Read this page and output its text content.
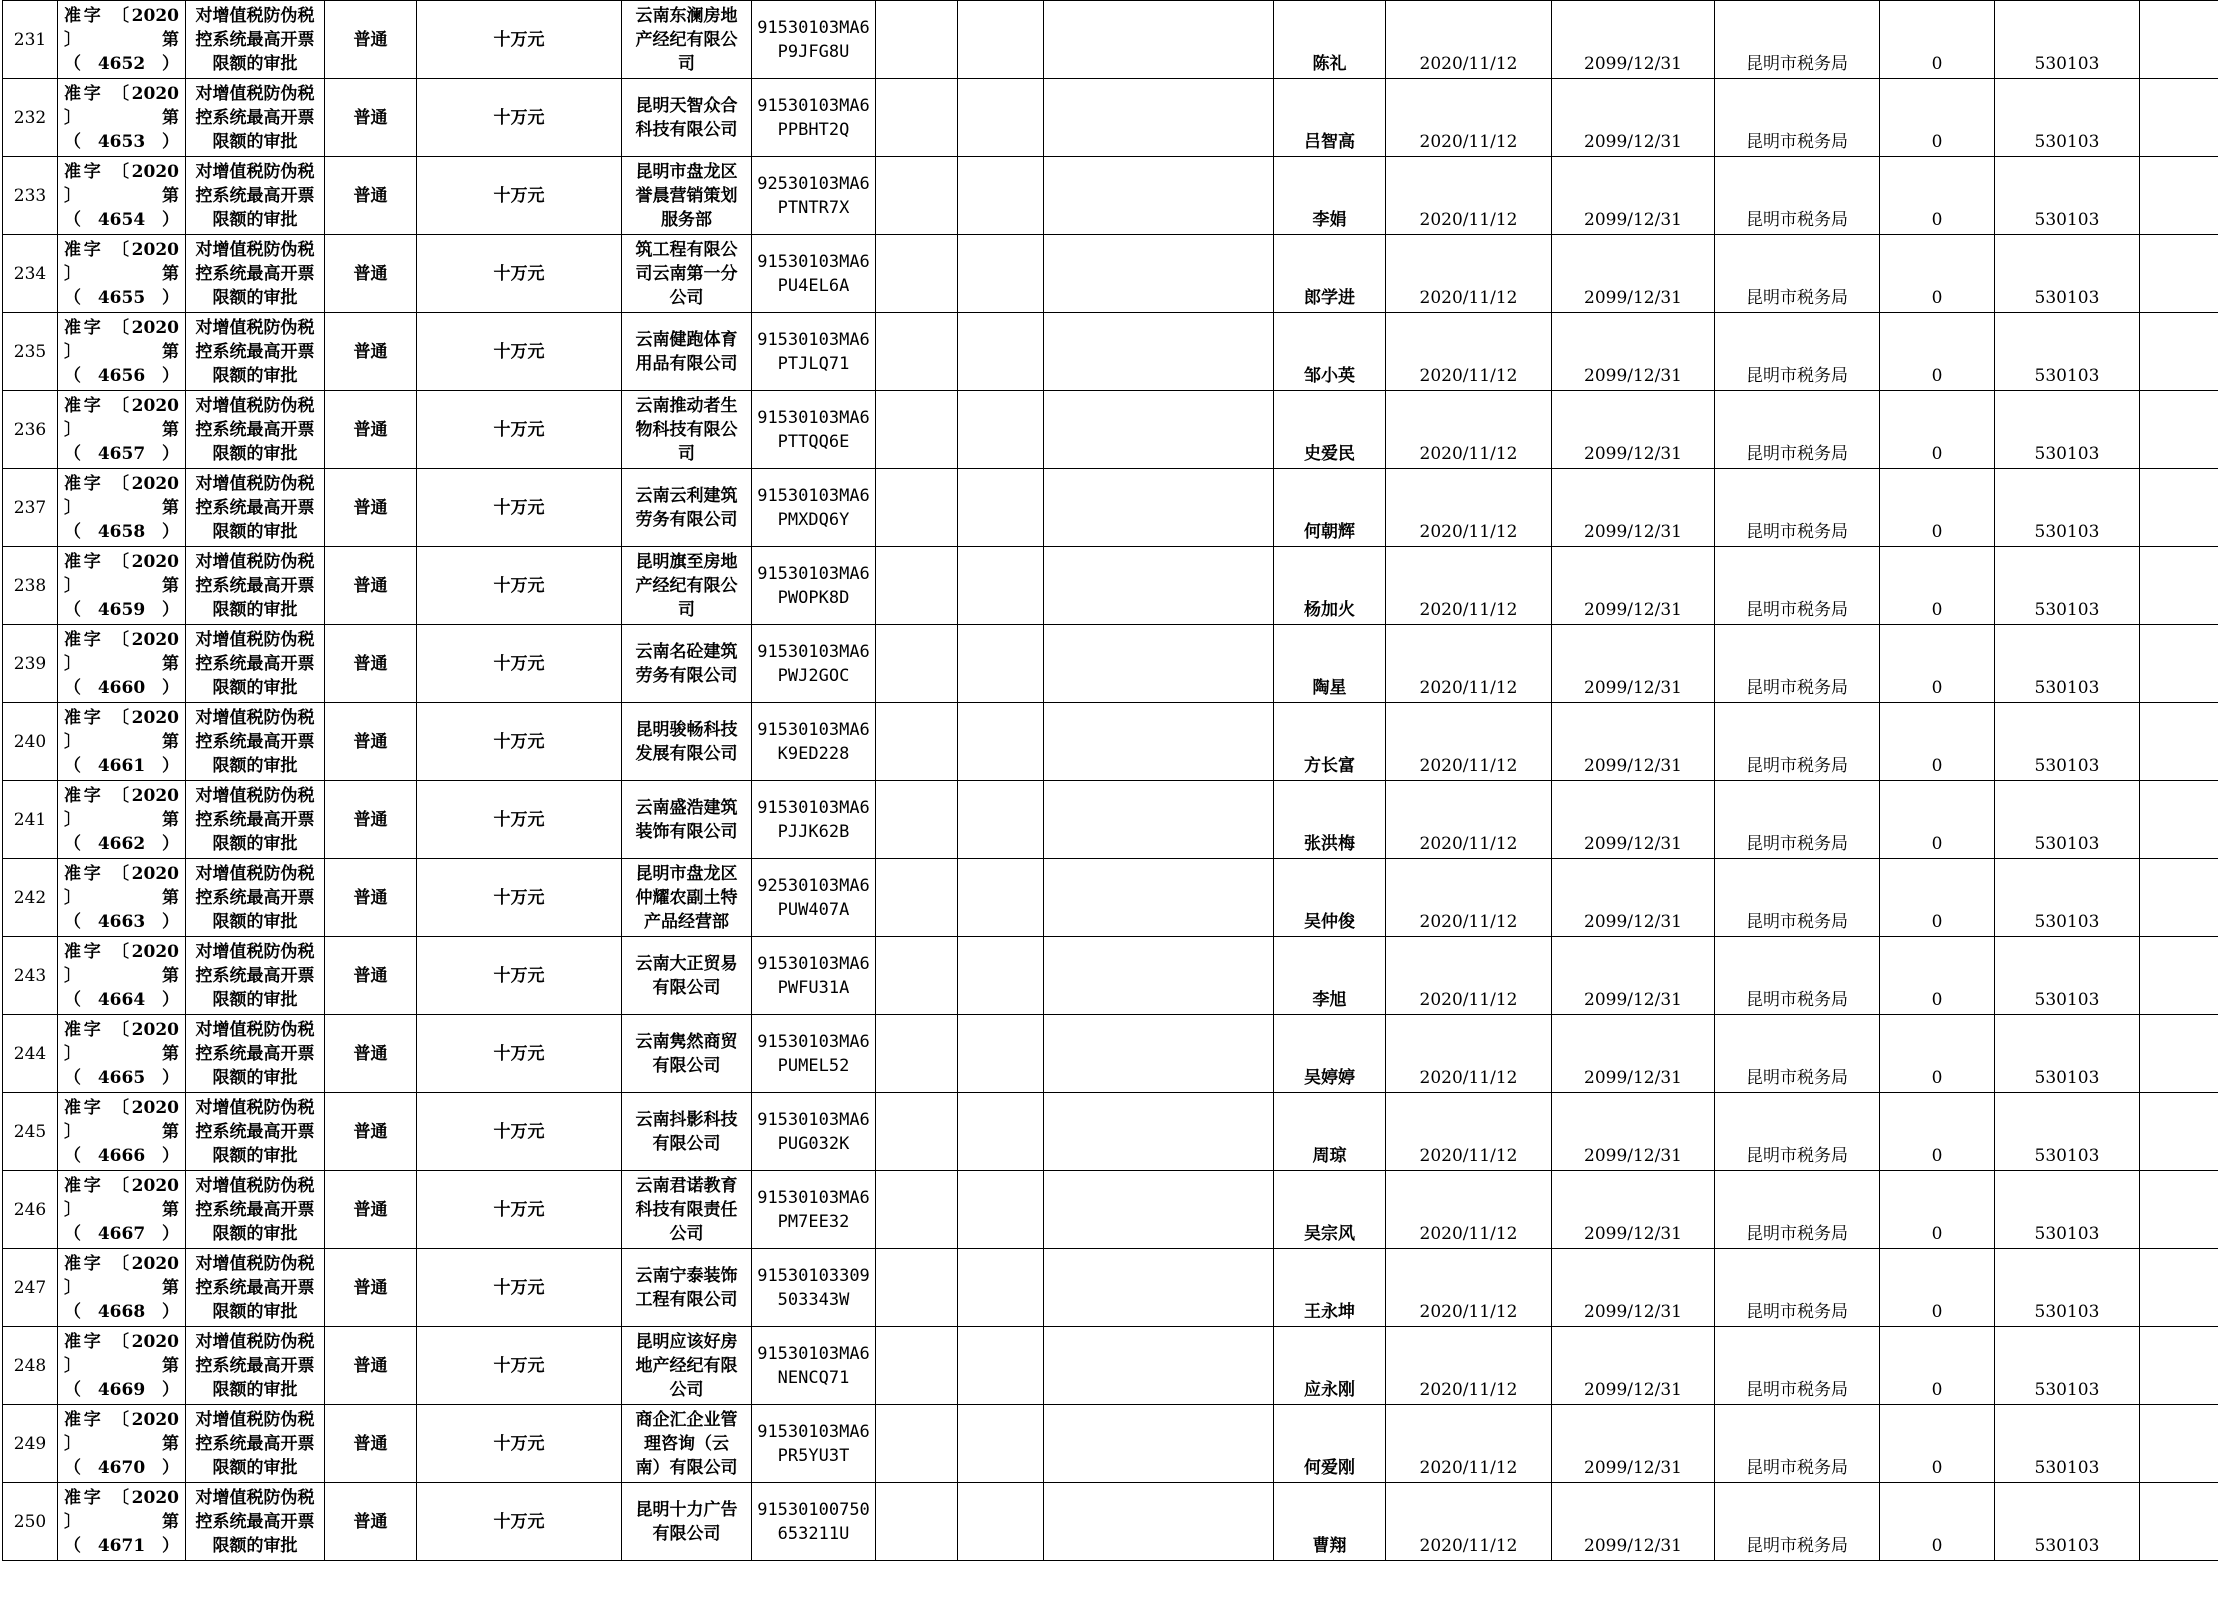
231	准字 〔2020
〕 第
（4652）	对增值税防伪税控系统最高开票限额的审批	普通	十万元	云南东澜房地
产经纪有限公
司	91530103MA6
P9JFG8U				陈礼	2020/11/12	2099/12/31	昆明市税务局	0	530103		
232	准字 〔2020
〕 第
（4653）	对增值税防伪税控系统最高开票限额的审批	普通	十万元	昆明天智众合
科技有限公司	91530103MA6
PPBHT2Q				吕智高	2020/11/12	2099/12/31	昆明市税务局	0	530103		
233	准字 〔2020
〕 第
（4654）	对增值税防伪税控系统最高开票限额的审批	普通	十万元	昆明市盘龙区
誉晨营销策划
服务部	92530103MA6
PTNTR7X				李娟	2020/11/12	2099/12/31	昆明市税务局	0	530103		
234	准字 〔2020
〕 第
（4655）	对增值税防伪税控系统最高开票限额的审批	普通	十万元	筑工程有限公
司云南第一分
公司	91530103MA6
PU4EL6A				郎学进	2020/11/12	2099/12/31	昆明市税务局	0	530103		
235	准字 〔2020
〕 第
（4656）	对增值税防伪税控系统最高开票限额的审批	普通	十万元	云南健跑体育
用品有限公司	91530103MA6
PTJLQ71				邹小英	2020/11/12	2099/12/31	昆明市税务局	0	530103		
236	准字 〔2020
〕 第
（4657）	对增值税防伪税控系统最高开票限额的审批	普通	十万元	云南推动者生
物科技有限公
司	91530103MA6
PTTQQ6E				史爱民	2020/11/12	2099/12/31	昆明市税务局	0	530103		
237	准字 〔2020
〕 第
（4658）	对增值税防伪税控系统最高开票限额的审批	普通	十万元	云南云利建筑
劳务有限公司	91530103MA6
PMXDQ6Y				何朝辉	2020/11/12	2099/12/31	昆明市税务局	0	530103		
238	准字 〔2020
〕 第
（4659）	对增值税防伪税控系统最高开票限额的审批	普通	十万元	昆明旗至房地
产经纪有限公
司	91530103MA6
PWOPK8D				杨加火	2020/11/12	2099/12/31	昆明市税务局	0	530103		
239	准字 〔2020
〕 第
（4660）	对增值税防伪税控系统最高开票限额的审批	普通	十万元	云南名砼建筑
劳务有限公司	91530103MA6
PWJ2GOC				陶星	2020/11/12	2099/12/31	昆明市税务局	0	530103		
240	准字 〔2020
〕 第
（4661）	对增值税防伪税控系统最高开票限额的审批	普通	十万元	昆明骏畅科技
发展有限公司	91530103MA6
K9ED228				方长富	2020/11/12	2099/12/31	昆明市税务局	0	530103		
241	准字 〔2020
〕 第
（4662）	对增值税防伪税控系统最高开票限额的审批	普通	十万元	云南盛浩建筑
装饰有限公司	91530103MA6
PJJK62B				张洪梅	2020/11/12	2099/12/31	昆明市税务局	0	530103		
242	准字 〔2020
〕 第
（4663）	对增值税防伪税控系统最高开票限额的审批	普通	十万元	昆明市盘龙区
仲耀农副土特
产品经营部	92530103MA6
PUW407A				吴仲俊	2020/11/12	2099/12/31	昆明市税务局	0	530103		
243	准字 〔2020
〕 第
（4664）	对增值税防伪税控系统最高开票限额的审批	普通	十万元	云南大正贸易
有限公司	91530103MA6
PWFU31A				李旭	2020/11/12	2099/12/31	昆明市税务局	0	530103		
244	准字 〔2020
〕 第
（4665）	对增值税防伪税控系统最高开票限额的审批	普通	十万元	云南隽然商贸
有限公司	91530103MA6
PUMEL52				吴婷婷	2020/11/12	2099/12/31	昆明市税务局	0	530103		
245	准字 〔2020
〕 第
（4666）	对增值税防伪税控系统最高开票限额的审批	普通	十万元	云南抖影科技
有限公司	91530103MA6
PUG032K				周琼	2020/11/12	2099/12/31	昆明市税务局	0	530103		
246	准字 〔2020
〕 第
（4667）	对增值税防伪税控系统最高开票限额的审批	普通	十万元	云南君诺教育
科技有限责任
公司	91530103MA6
PM7EE32				吴宗风	2020/11/12	2099/12/31	昆明市税务局	0	530103		
247	准字 〔2020
〕 第
（4668）	对增值税防伪税控系统最高开票限额的审批	普通	十万元	云南宁泰装饰
工程有限公司	91530103309
503343W				王永坤	2020/11/12	2099/12/31	昆明市税务局	0	530103		
248	准字 〔2020
〕 第
（4669）	对增值税防伪税控系统最高开票限额的审批	普通	十万元	昆明应该好房
地产经纪有限
公司	91530103MA6
NENCQ71				应永刚	2020/11/12	2099/12/31	昆明市税务局	0	530103		
249	准字 〔2020
〕 第
（4670）	对增值税防伪税控系统最高开票限额的审批	普通	十万元	商企汇企业管
理咨询（云
南）有限公司	91530103MA6
PR5YU3T				何爱刚	2020/11/12	2099/12/31	昆明市税务局	0	530103		
250	准字 〔2020
〕 第
（4671）	对增值税防伪税控系统最高开票限额的审批	普通	十万元	昆明十力广告
有限公司	91530100750
653211U				曹翔	2020/11/12	2099/12/31	昆明市税务局	0	530103		
